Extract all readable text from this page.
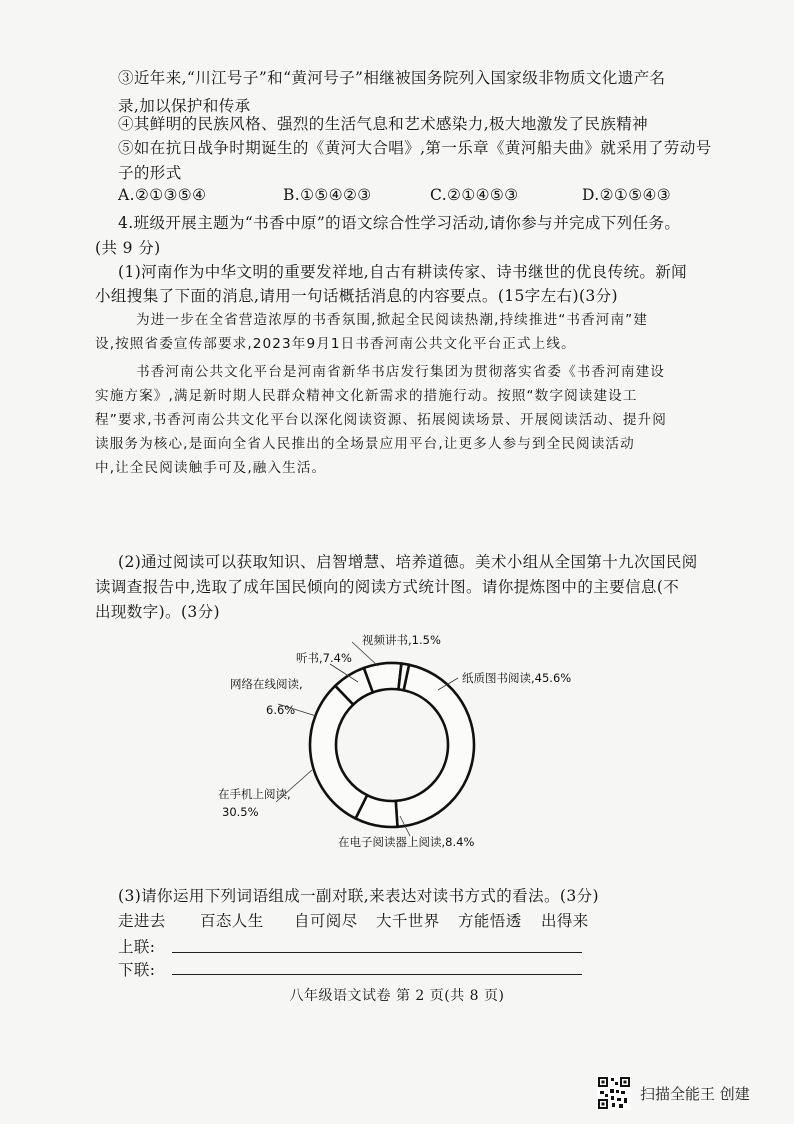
③近年来,“川江号子”和“黄河号子”相继被国务院列入国家级非物质文化遗产名
录,加以保护和传承
④其鲜明的民族风格、强烈的生活气息和艺术感染力,极大地激发了民族精神
⑤如在抗日战争时期诞生的《黄河大合唱》,第一乐章《黄河船夫曲》就采用了劳动号
子的形式
A.②①③⑤④	B.①⑤④②③	C.②①④⑤③	D.②①⑤④③
4.班级开展主题为“书香中原”的语文综合性学习活动,请你参与并完成下列任务。
(共 9 分)
(1)河南作为中华文明的重要发祥地,自古有耕读传家、诗书继世的优良传统。新闻
小组搜集了下面的消息,请用一句话概括消息的内容要点。(15字左右)(3分)
为进一步在全省营造浓厚的书香氛围,掀起全民阅读热潮,持续推进“书香河南”建
设,按照省委宣传部要求,2023年9月1日书香河南公共文化平台正式上线。
书香河南公共文化平台是河南省新华书店发行集团为贯彻落实省委《书香河南建设
实施方案》,满足新时期人民群众精神文化新需求的措施行动。按照“数字阅读建设工
程”要求,书香河南公共文化平台以深化阅读资源、拓展阅读场景、开展阅读活动、提升阅
读服务为核心,是面向全省人民推出的全场景应用平台,让更多人参与到全民阅读活动
中,让全民阅读触手可及,融入生活。
(2)通过阅读可以获取知识、启智增慧、培养道德。美术小组从全国第十九次国民阅
读调查报告中,选取了成年国民倾向的阅读方式统计图。请你提炼图中的主要信息(不
出现数字)。(3分)
视频讲书,1.5%
听书,7.4%
网络在线阅读,
6.6%
纸质图书阅读,45.6%
在手机上阅读,
30.5%
在电子阅读器上阅读,8.4%
(3)请你运用下列词语组成一副对联,来表达对读书方式的看法。(3分)
走进去 百态人生 自可阅尽 大千世界 方能悟透 出得来
上联:
下联:
八年级语文试卷 第 2 页(共 8 页)
扫描全能王 创建
